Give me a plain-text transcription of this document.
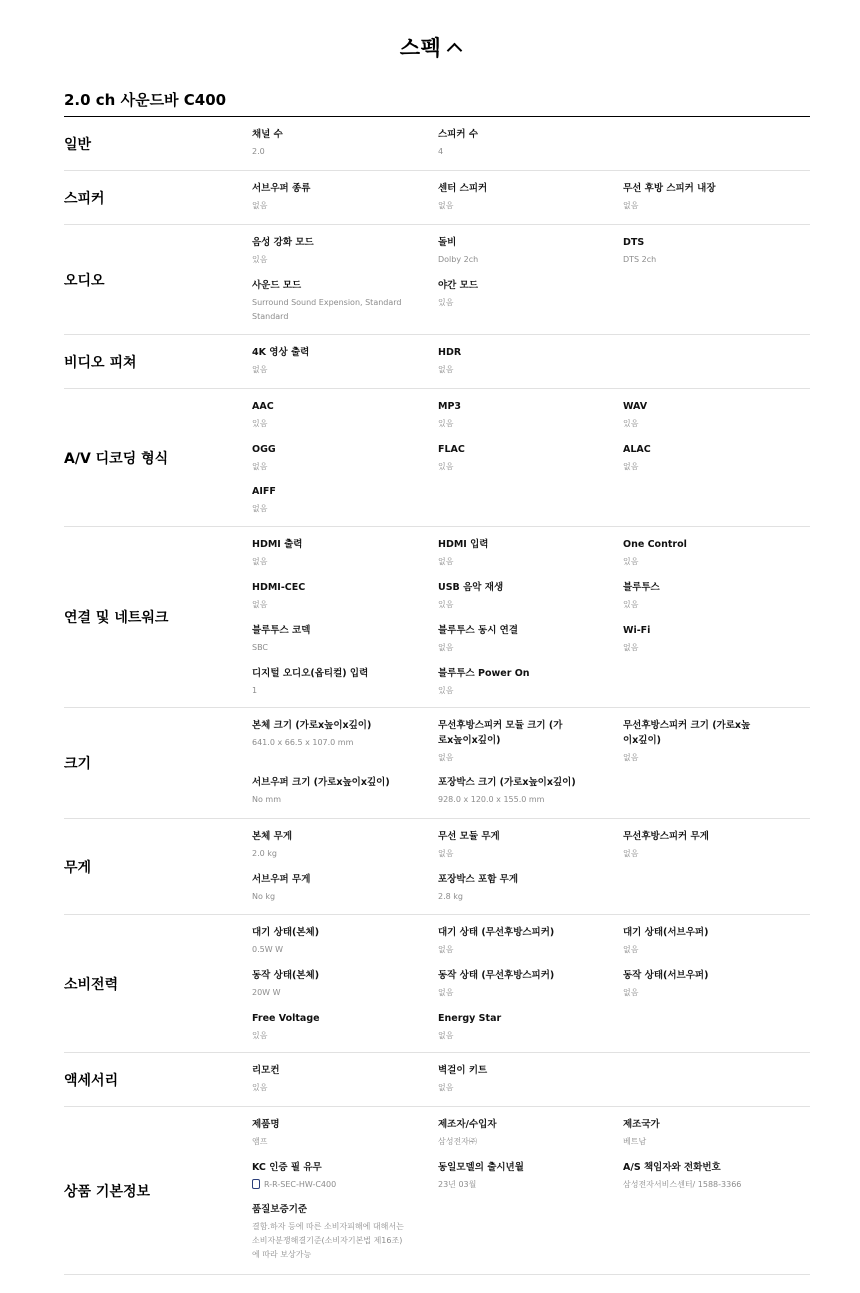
스펙
2.0 ch 사운드바 C400
일반
채널 수
2.0
스피커 수
4
스피커
서브우퍼 종류
없음
센터 스피커
없음
무선 후방 스피커 내장
없음
오디오
음성 강화 모드
있음
돌비
Dolby 2ch
DTS
DTS 2ch
사운드 모드
Surround Sound Expension, Standard Standard
야간 모드
있음
비디오 피쳐
4K 영상 출력
없음
HDR
없음
A/V 디코딩 형식
AAC
있음
MP3
있음
WAV
있음
OGG
없음
FLAC
있음
ALAC
없음
AIFF
없음
연결 및 네트워크
HDMI 출력
없음
HDMI 입력
없음
One Control
있음
HDMI-CEC
없음
USB 음악 재생
있음
블루투스
있음
블루투스 코덱
SBC
블루투스 동시 연결
없음
Wi-Fi
없음
디지털 오디오(옵티컬) 입력
1
블루투스 Power On
있음
크기
본체 크기 (가로x높이x깊이)
641.0 x 66.5 x 107.0 mm
무선후방스피커 모듈 크기 (가로x높이x깊이)
없음
무선후방스피커 크기 (가로x높이x깊이)
없음
서브우퍼 크기 (가로x높이x깊이)
No mm
포장박스 크기 (가로x높이x깊이)
928.0 x 120.0 x 155.0 mm
무게
본체 무게
2.0 kg
무선 모듈 무게
없음
무선후방스피커 무게
없음
서브우퍼 무게
No kg
포장박스 포함 무게
2.8 kg
소비전력
대기 상태(본체)
0.5W W
대기 상태 (무선후방스피커)
없음
대기 상태(서브우퍼)
없음
동작 상태(본체)
20W W
동작 상태 (무선후방스피커)
없음
동작 상태(서브우퍼)
없음
Free Voltage
있음
Energy Star
없음
액세서리
리모컨
있음
벽걸이 키트
없음
상품 기본정보
제품명
앰프
제조자/수입자
삼성전자㈜
제조국가
베트남
KC 인증 필 유무
R-R-SEC-HW-C400
동일모델의 출시년월
23년 03월
A/S 책임자와 전화번호
삼성전자서비스센터/ 1588-3366
품질보증기준
결함.하자 등에 따른 소비자피해에 대해서는 소비자분쟁해결기준(소비자기본법 제16조) 에 따라 보상가능
